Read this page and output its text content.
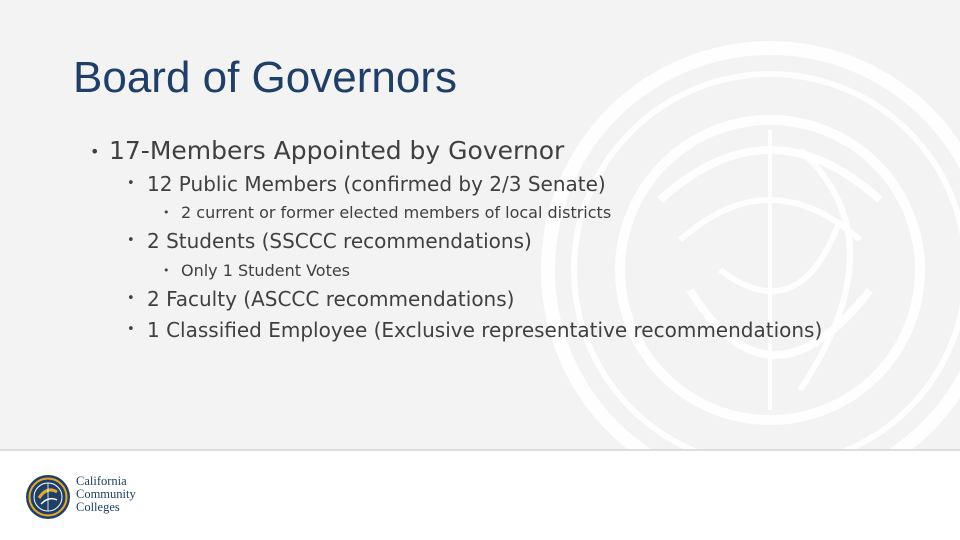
Board of Governors
• 17-Members Appointed by Governor
• 12 Public Members (confirmed by 2/3 Senate)
• 2 current or former elected members of local districts
• 2 Students (SSCCC recommendations)
• Only 1 Student Votes
• 2 Faculty (ASCCC recommendations)
• 1 Classified Employee (Exclusive representative recommendations)
California
Community
Colleges
